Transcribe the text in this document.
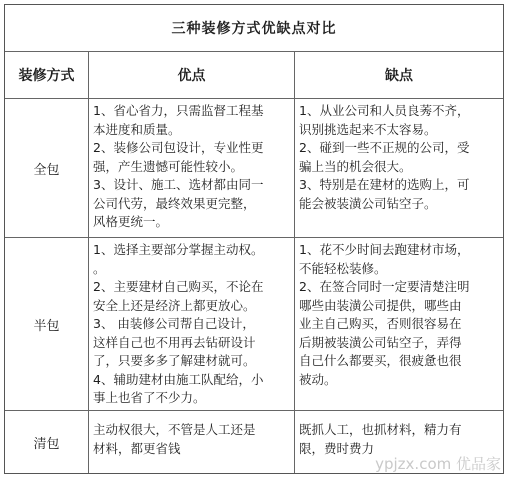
三种装修方式优缺点对比
装修方式	优点	缺点
全包
1、省心省力，只需监督工程基
本进度和质量。
2、装修公司包设计，专业性更
强，产生遗憾可能性较小。
3、设计、施工、选材都由同一
公司代劳，最终效果更完整，
风格更统一。
1、从业公司和人员良莠不齐，
识别挑选起来不太容易。
2、碰到一些不正规的公司，受
骗上当的机会很大。
3、特别是在建材的选购上，可
能会被装潢公司钻空子。
半包
1、选择主要部分掌握主动权。
。
2、主要建材自己购买，不论在
安全上还是经济上都更放心。
3、 由装修公司帮自己设计，
这样自己也不用再去钻研设计
了，只要多多了解建材就可。
4、辅助建材由施工队配给，小
事上也省了不少力。
1、花不少时间去跑建材市场，
不能轻松装修。
2、在签合同时一定要清楚注明
哪些由装潢公司提供，哪些由
业主自己购买，否则很容易在
后期被装潢公司钻空子，弄得
自己什么都要买，很疲惫也很
被动。
清包
主动权很大，不管是人工还是
材料，都更省钱
既抓人工，也抓材料，精力有
限，费时费力
ypjzx.com 优品家
